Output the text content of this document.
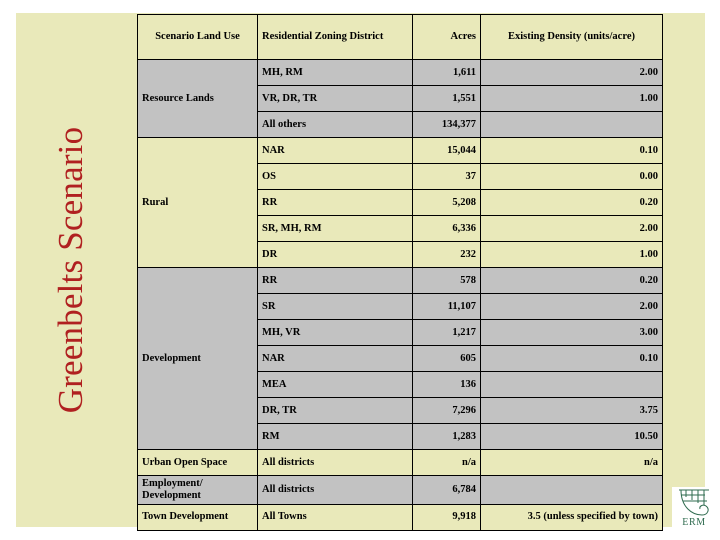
Greenbelts Scenario
Scenario Land Use	Residential Zoning District	Acres	Existing Density (units/acre)
Resource Lands	MH, RM	1,611	2.00
	VR, DR, TR	1,551	1.00
	All others	134,377	
Rural	NAR	15,044	0.10
	OS	37	0.00
	RR	5,208	0.20
	SR, MH, RM	6,336	2.00
	DR	232	1.00
Development	RR	578	0.20
	SR	11,107	2.00
	MH, VR	1,217	3.00
	NAR	605	0.10
	MEA	136	
	DR, TR	7,296	3.75
	RM	1,283	10.50
Urban Open Space	All districts	n/a	n/a
Employment/ Development	All districts	6,784	
Town Development	All Towns	9,918	3.5 (unless specified by town)
ERM
